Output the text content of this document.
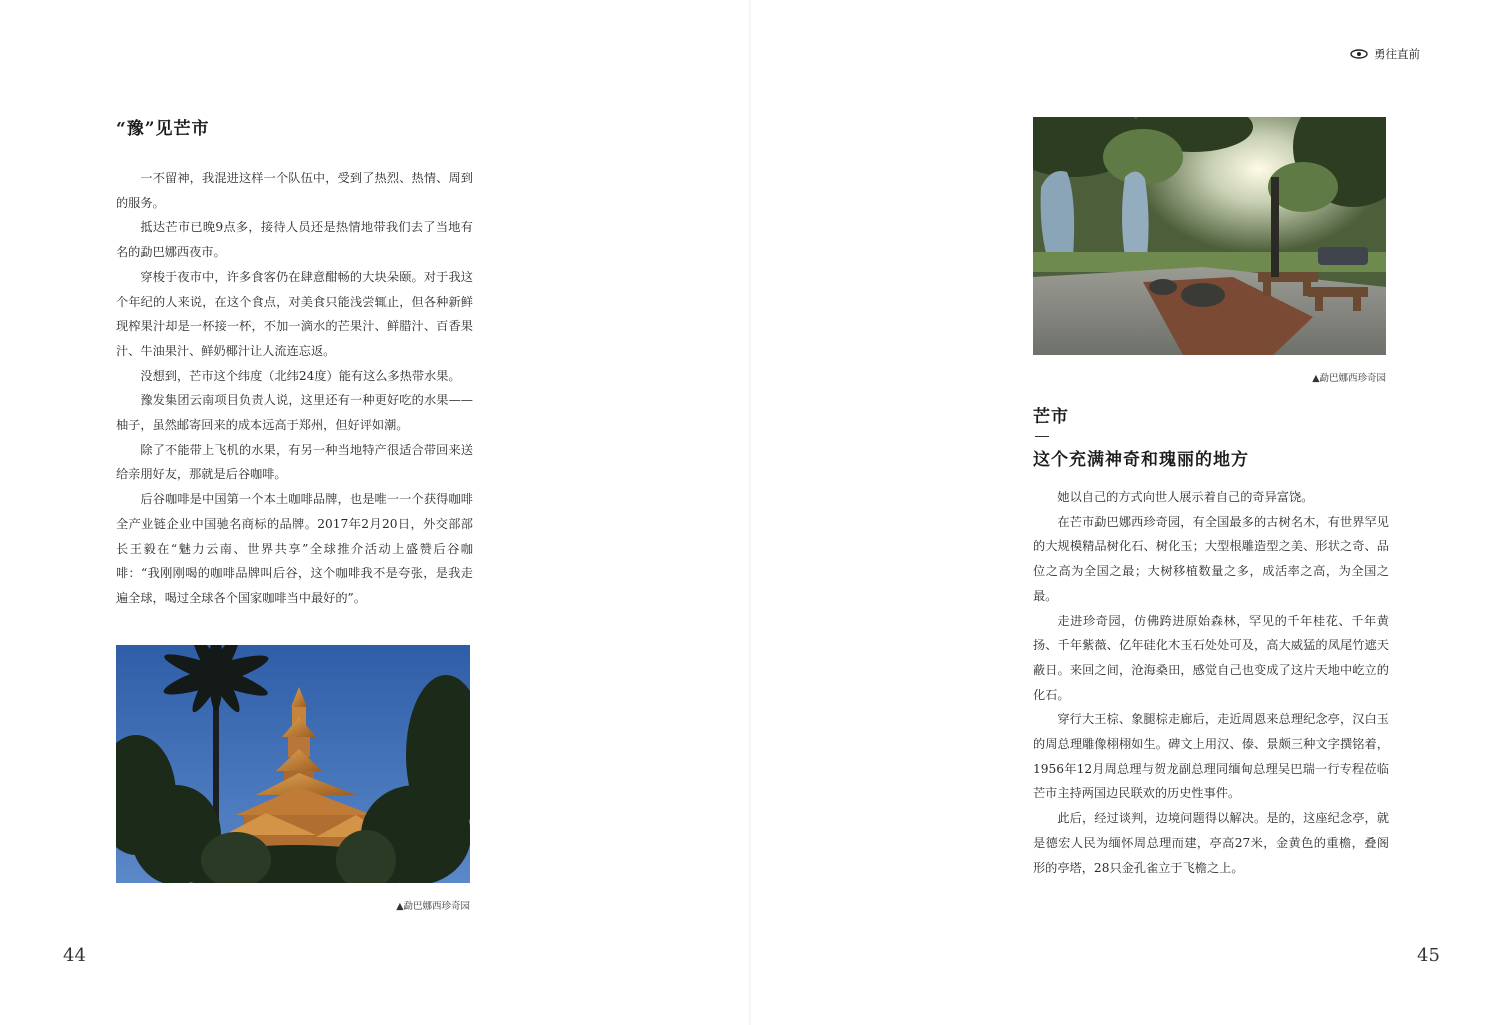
“豫”见芒市

一不留神，我混进这样一个队伍中，受到了热烈、热情、周到的服务。

抵达芒市已晚9点多，接待人员还是热情地带我们去了当地有名的勐巴娜西夜市。

穿梭于夜市中，许多食客仍在肆意酣畅的大块朵颐。对于我这个年纪的人来说，在这个食点，对美食只能浅尝辄止，但各种新鲜现榨果汁却是一杯接一杯，不加一滴水的芒果汁、鲜腊汁、百香果汁、牛油果汁、鲜奶椰汁让人流连忘返。

没想到，芒市这个纬度（北纬24度）能有这么多热带水果。

豫发集团云南项目负责人说，这里还有一种更好吃的水果——柚子，虽然邮寄回来的成本远高于郑州，但好评如潮。

除了不能带上飞机的水果，有另一种当地特产很适合带回来送给亲朋好友，那就是后谷咖啡。

后谷咖啡是中国第一个本土咖啡品牌，也是唯一一个获得咖啡全产业链企业中国驰名商标的品牌。2017年2月20日，外交部部长王毅在“魅力云南、世界共享”全球推介活动上盛赞后谷咖啡：“我刚刚喝的咖啡品牌叫后谷，这个咖啡我不是夸张，是我走遍全球，喝过全球各个国家咖啡当中最好的”。

▲勐巴娜西珍奇园
44
勇往直前
▲勐巴娜西珍奇园
芒市
这个充满神奇和瑰丽的地方

她以自己的方式向世人展示着自己的奇异富饶。

在芒市勐巴娜西珍奇园，有全国最多的古树名木，有世界罕见的大规模精品树化石、树化玉；大型根雕造型之美、形状之奇、品位之高为全国之最；大树移植数量之多，成活率之高，为全国之最。

走进珍奇园，仿佛跨进原始森林，罕见的千年桂花、千年黄扬、千年紫薇、亿年硅化木玉石处处可及，高大威猛的凤尾竹遮天蔽日。来回之间，沧海桑田，感觉自己也变成了这片天地中屹立的化石。

穿行大王棕、象腿棕走廊后，走近周恩来总理纪念亭，汉白玉的周总理雕像栩栩如生。碑文上用汉、傣、景颇三种文字撰铭着，1956年12月周总理与贺龙副总理同缅甸总理吴巴瑞一行专程莅临芒市主持两国边民联欢的历史性事件。

此后，经过谈判，边境问题得以解决。是的，这座纪念亭，就是德宏人民为缅怀周总理而建，亭高27米，金黄色的重檐，叠阁形的亭塔，28只金孔雀立于飞檐之上。

45
